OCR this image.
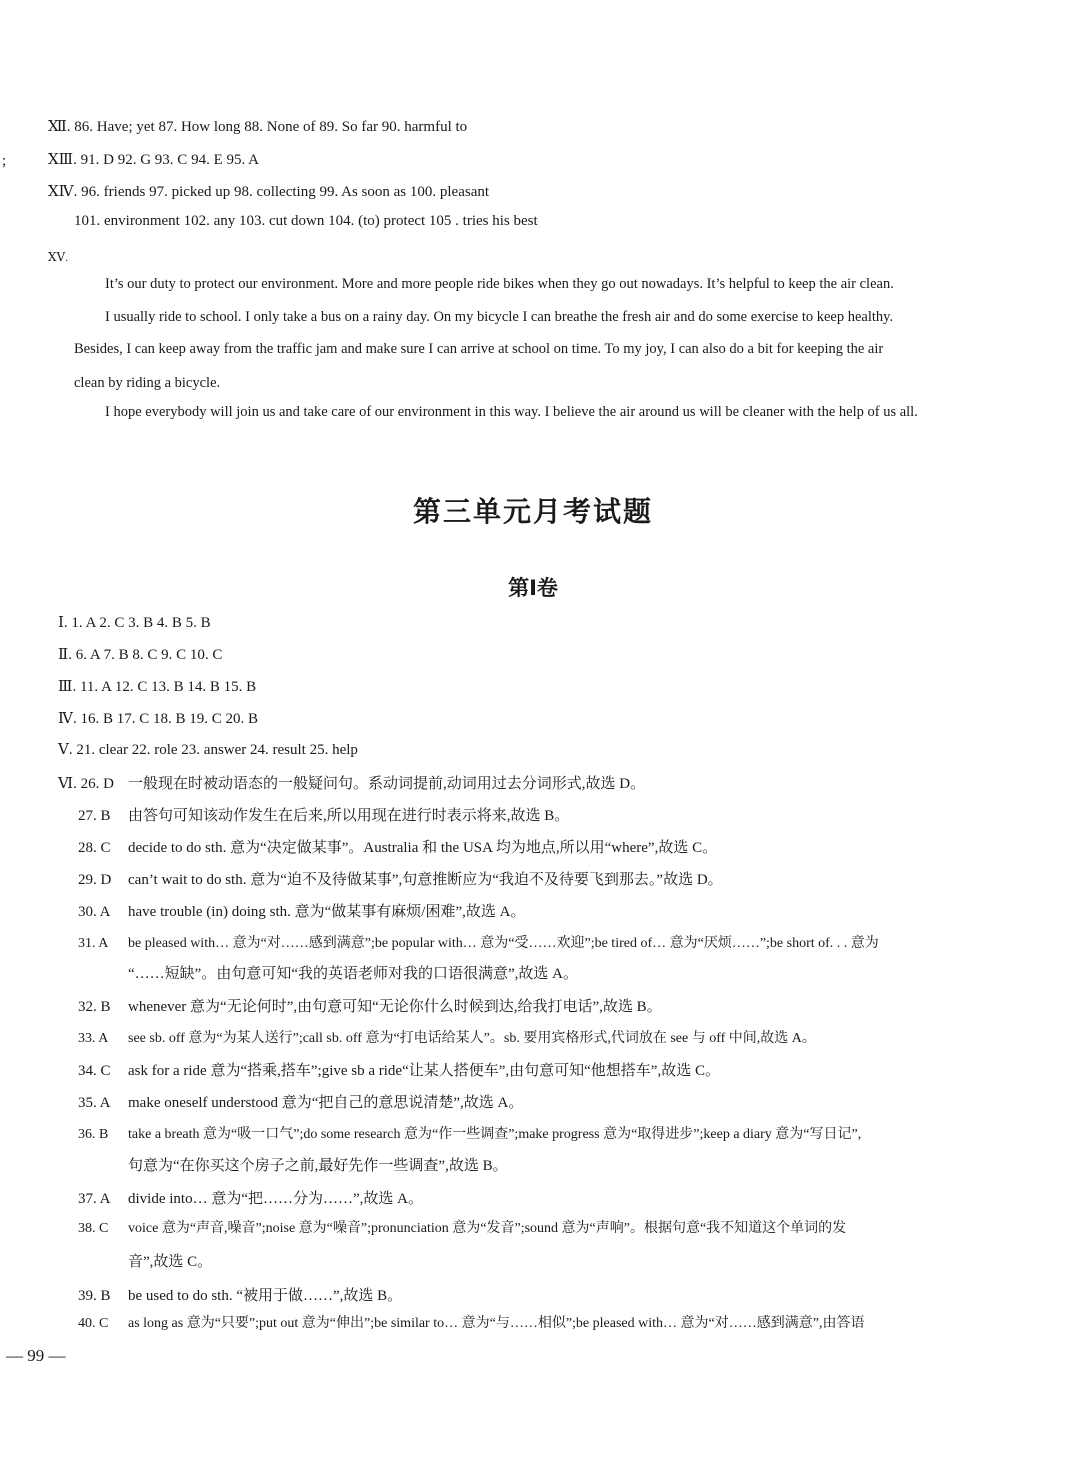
;
Ⅻ. 86. Have; yet 87. How long 88. None of 89. So far 90. harmful to
ⅩⅢ. 91. D 92. G 93. C 94. E 95. A
ⅩⅣ. 96. friends 97. picked up 98. collecting 99. As soon as 100. pleasant
101. environment 102. any 103. cut down 104. (to) protect 105 . tries his best
ⅩⅤ.
It’s our duty to protect our environment. More and more people ride bikes when they go out nowadays. It’s helpful to keep the air clean.
I usually ride to school. I only take a bus on a rainy day. On my bicycle I can breathe the fresh air and do some exercise to keep healthy.
Besides, I can keep away from the traffic jam and make sure I can arrive at school on time. To my joy, I can also do a bit for keeping the air
clean by riding a bicycle.
I hope everybody will join us and take care of our environment in this way. I believe the air around us will be cleaner with the help of us all.
第三单元月考试题
第Ⅰ卷
Ⅰ. 1. A 2. C 3. B 4. B 5. B
Ⅱ. 6. A 7. B 8. C 9. C 10. C
Ⅲ. 11. A 12. C 13. B 14. B 15. B
Ⅳ. 16. B 17. C 18. B 19. C 20. B
Ⅴ. 21. clear 22. role 23. answer 24. result 25. help
Ⅵ. 26. D 一般现在时被动语态的一般疑问句。系动词提前,动词用过去分词形式,故选 D。
27. B 由答句可知该动作发生在后来,所以用现在进行时表示将来,故选 B。
28. C decide to do sth. 意为“决定做某事”。Australia 和 the USA 均为地点,所以用“where”,故选 C。
29. D can’t wait to do sth. 意为“迫不及待做某事”,句意推断应为“我迫不及待要飞到那去。”故选 D。
30. A have trouble (in) doing sth. 意为“做某事有麻烦/困难”,故选 A。
31. A be pleased with… 意为“对……感到满意”;be popular with… 意为“受……欢迎”;be tired of… 意为“厌烦……”;be short of. . . 意为
“……短缺”。由句意可知“我的英语老师对我的口语很满意”,故选 A。
32. B whenever 意为“无论何时”,由句意可知“无论你什么时候到达,给我打电话”,故选 B。
33. A see sb. off 意为“为某人送行”;call sb. off 意为“打电话给某人”。sb. 要用宾格形式,代词放在 see 与 off 中间,故选 A。
34. C ask for a ride 意为“搭乘,搭车”;give sb a ride“让某人搭便车”,由句意可知“他想搭车”,故选 C。
35. A make oneself understood 意为“把自己的意思说清楚”,故选 A。
36. B take a breath 意为“吸一口气”;do some research 意为“作一些调查”;make progress 意为“取得进步”;keep a diary 意为“写日记”,
句意为“在你买这个房子之前,最好先作一些调查”,故选 B。
37. A divide into… 意为“把……分为……”,故选 A。
38. C voice 意为“声音,噪音”;noise 意为“噪音”;pronunciation 意为“发音”;sound 意为“声响”。根据句意“我不知道这个单词的发
音”,故选 C。
39. B be used to do sth. “被用于做……”,故选 B。
40. C as long as 意为“只要”;put out 意为“伸出”;be similar to… 意为“与……相似”;be pleased with… 意为“对……感到满意”,由答语
— 99 —
